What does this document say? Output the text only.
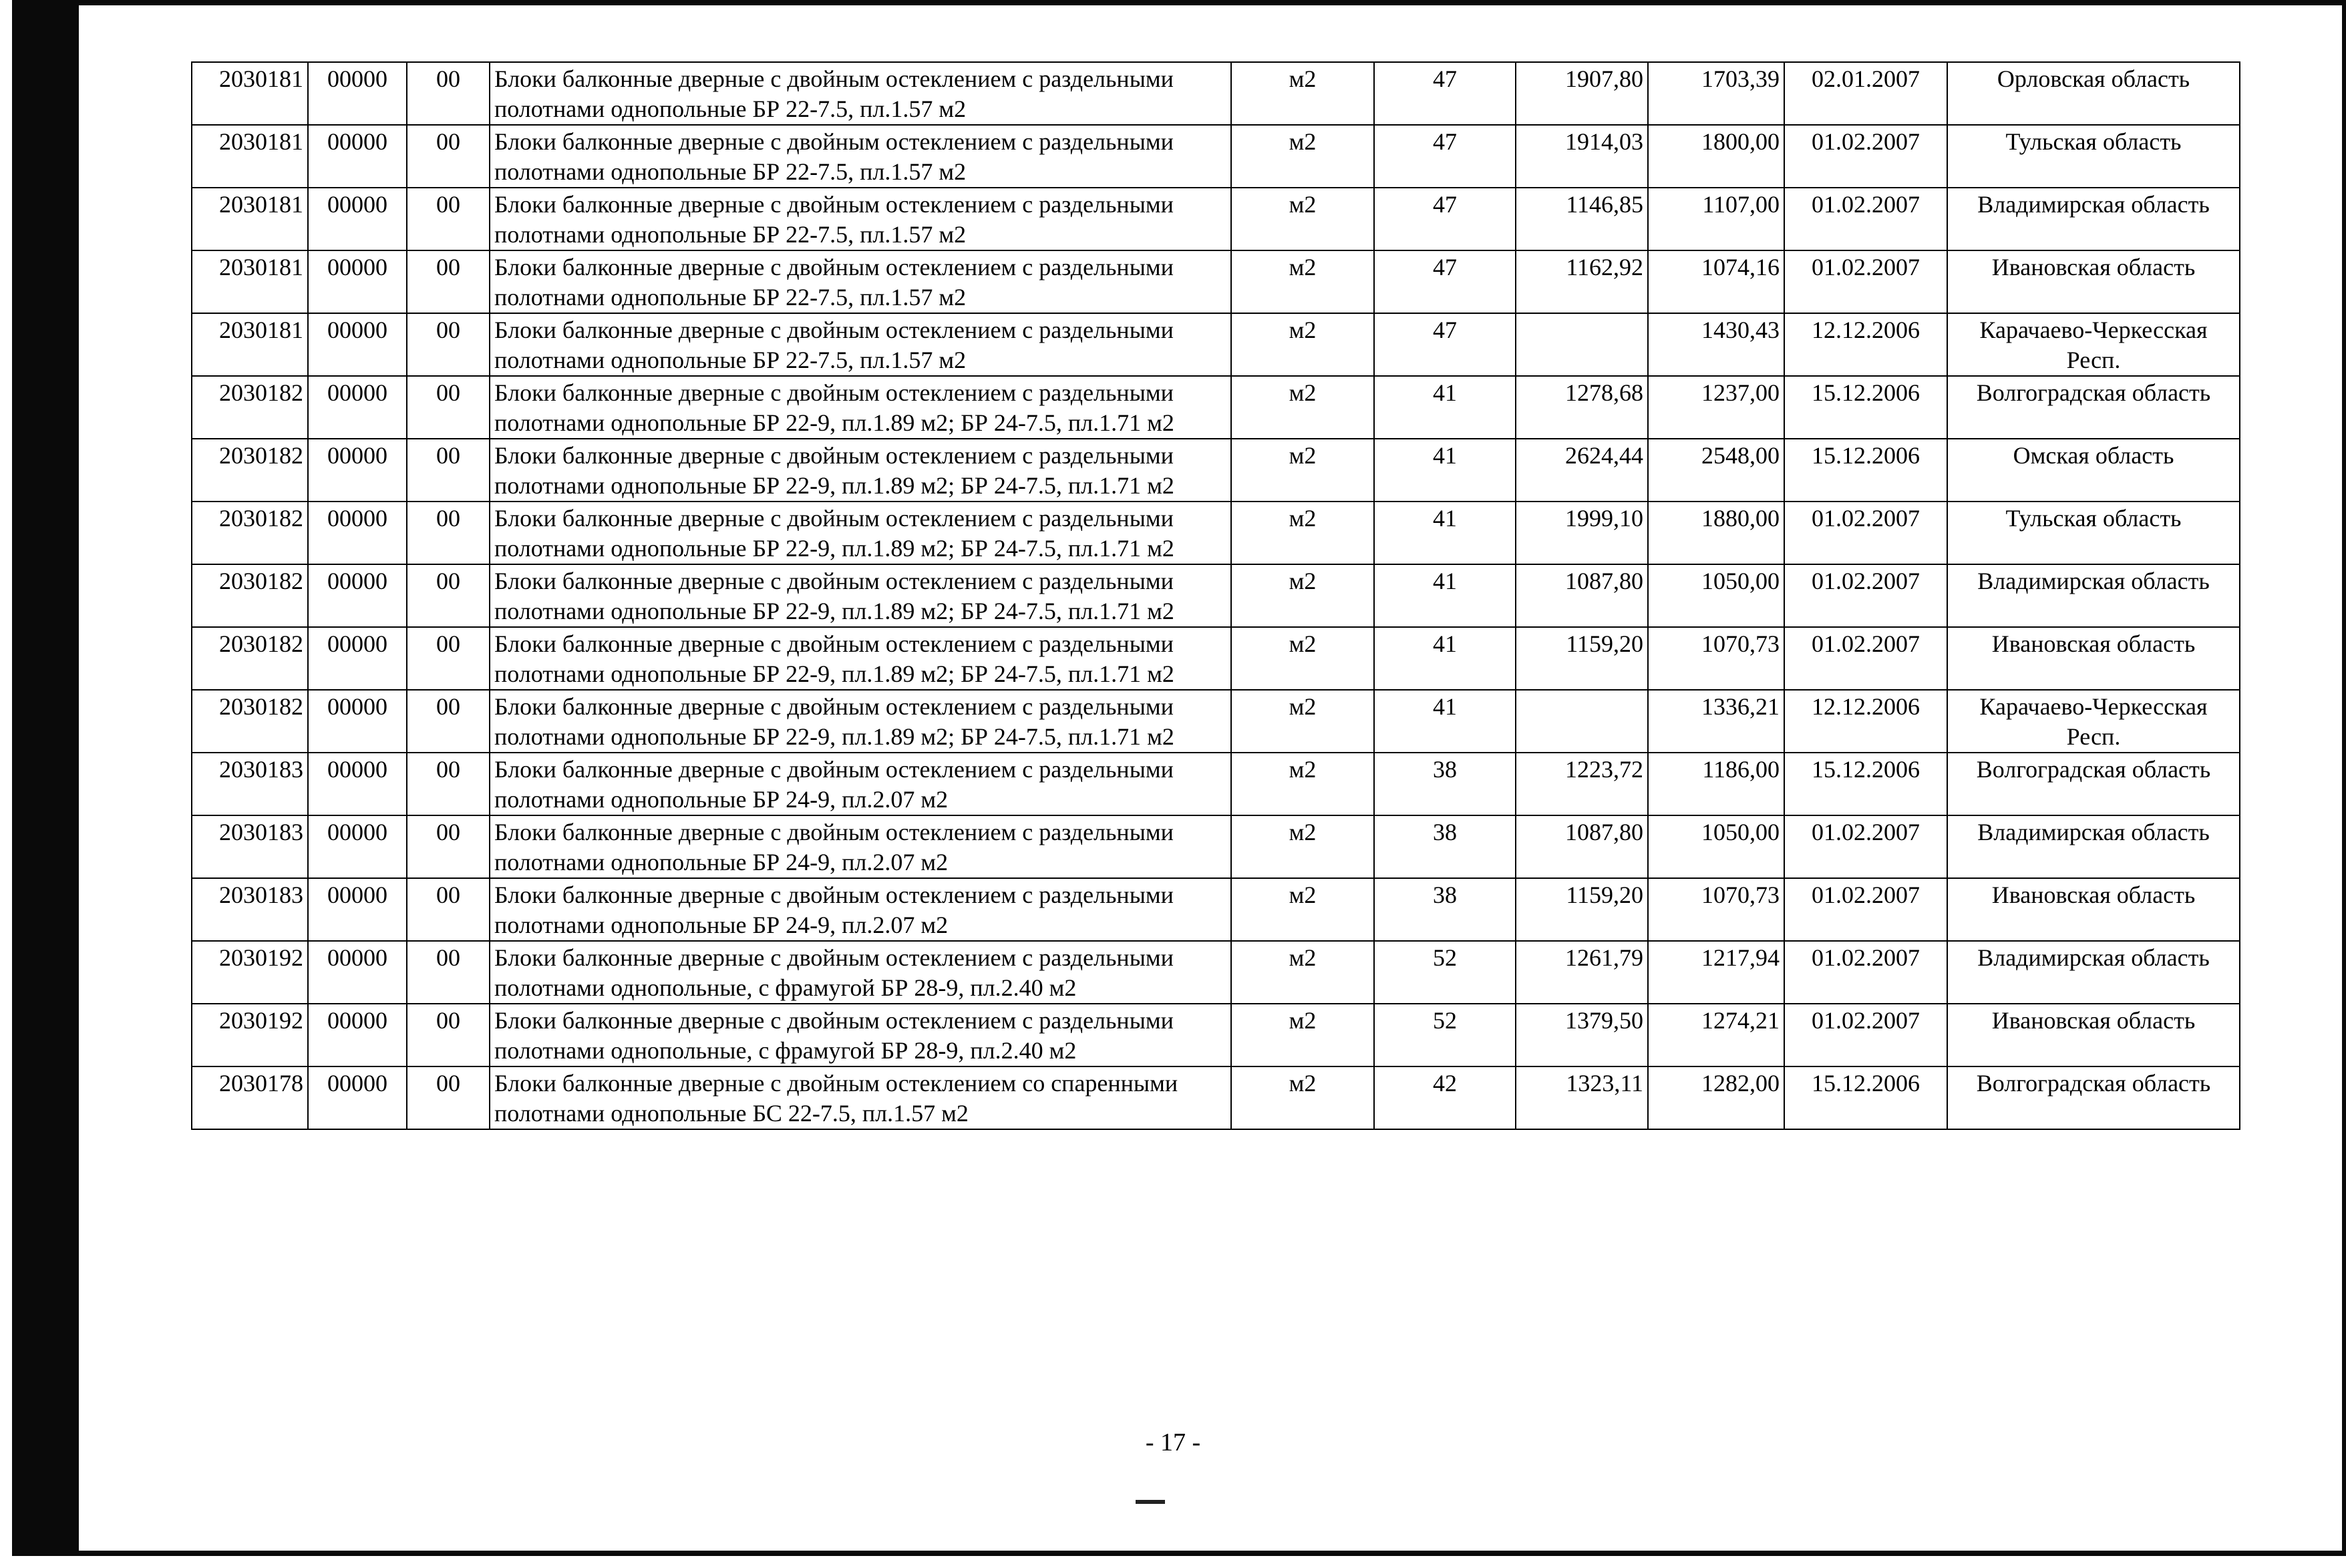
2030181	00000	00	Блоки балконные дверные с двойным остеклением с раздельными полотнами однопольные БР 22-7.5, пл.1.57 м2	м2	47	1907,80	1703,39	02.01.2007	Орловская область
2030181	00000	00	Блоки балконные дверные с двойным остеклением с раздельными полотнами однопольные БР 22-7.5, пл.1.57 м2	м2	47	1914,03	1800,00	01.02.2007	Тульская область
2030181	00000	00	Блоки балконные дверные с двойным остеклением с раздельными полотнами однопольные БР 22-7.5, пл.1.57 м2	м2	47	1146,85	1107,00	01.02.2007	Владимирская область
2030181	00000	00	Блоки балконные дверные с двойным остеклением с раздельными полотнами однопольные БР 22-7.5, пл.1.57 м2	м2	47	1162,92	1074,16	01.02.2007	Ивановская область
2030181	00000	00	Блоки балконные дверные с двойным остеклением с раздельными полотнами однопольные БР 22-7.5, пл.1.57 м2	м2	47		1430,43	12.12.2006	Карачаево-Черкесская Респ.
2030182	00000	00	Блоки балконные дверные с двойным остеклением с раздельными полотнами однопольные БР 22-9, пл.1.89 м2; БР 24-7.5, пл.1.71 м2	м2	41	1278,68	1237,00	15.12.2006	Волгоградская область
2030182	00000	00	Блоки балконные дверные с двойным остеклением с раздельными полотнами однопольные БР 22-9, пл.1.89 м2; БР 24-7.5, пл.1.71 м2	м2	41	2624,44	2548,00	15.12.2006	Омская область
2030182	00000	00	Блоки балконные дверные с двойным остеклением с раздельными полотнами однопольные БР 22-9, пл.1.89 м2; БР 24-7.5, пл.1.71 м2	м2	41	1999,10	1880,00	01.02.2007	Тульская область
2030182	00000	00	Блоки балконные дверные с двойным остеклением с раздельными полотнами однопольные БР 22-9, пл.1.89 м2; БР 24-7.5, пл.1.71 м2	м2	41	1087,80	1050,00	01.02.2007	Владимирская область
2030182	00000	00	Блоки балконные дверные с двойным остеклением с раздельными полотнами однопольные БР 22-9, пл.1.89 м2; БР 24-7.5, пл.1.71 м2	м2	41	1159,20	1070,73	01.02.2007	Ивановская область
2030182	00000	00	Блоки балконные дверные с двойным остеклением с раздельными полотнами однопольные БР 22-9, пл.1.89 м2; БР 24-7.5, пл.1.71 м2	м2	41		1336,21	12.12.2006	Карачаево-Черкесская Респ.
2030183	00000	00	Блоки балконные дверные с двойным остеклением с раздельными полотнами однопольные БР 24-9, пл.2.07 м2	м2	38	1223,72	1186,00	15.12.2006	Волгоградская область
2030183	00000	00	Блоки балконные дверные с двойным остеклением с раздельными полотнами однопольные БР 24-9, пл.2.07 м2	м2	38	1087,80	1050,00	01.02.2007	Владимирская область
2030183	00000	00	Блоки балконные дверные с двойным остеклением с раздельными полотнами однопольные БР 24-9, пл.2.07 м2	м2	38	1159,20	1070,73	01.02.2007	Ивановская область
2030192	00000	00	Блоки балконные дверные с двойным остеклением с раздельными полотнами однопольные, с фрамугой БР 28-9, пл.2.40 м2	м2	52	1261,79	1217,94	01.02.2007	Владимирская область
2030192	00000	00	Блоки балконные дверные с двойным остеклением с раздельными полотнами однопольные, с фрамугой БР 28-9, пл.2.40 м2	м2	52	1379,50	1274,21	01.02.2007	Ивановская область
2030178	00000	00	Блоки балконные дверные с двойным остеклением со спаренными полотнами однопольные БС 22-7.5, пл.1.57 м2	м2	42	1323,11	1282,00	15.12.2006	Волгоградская область
- 17 -
